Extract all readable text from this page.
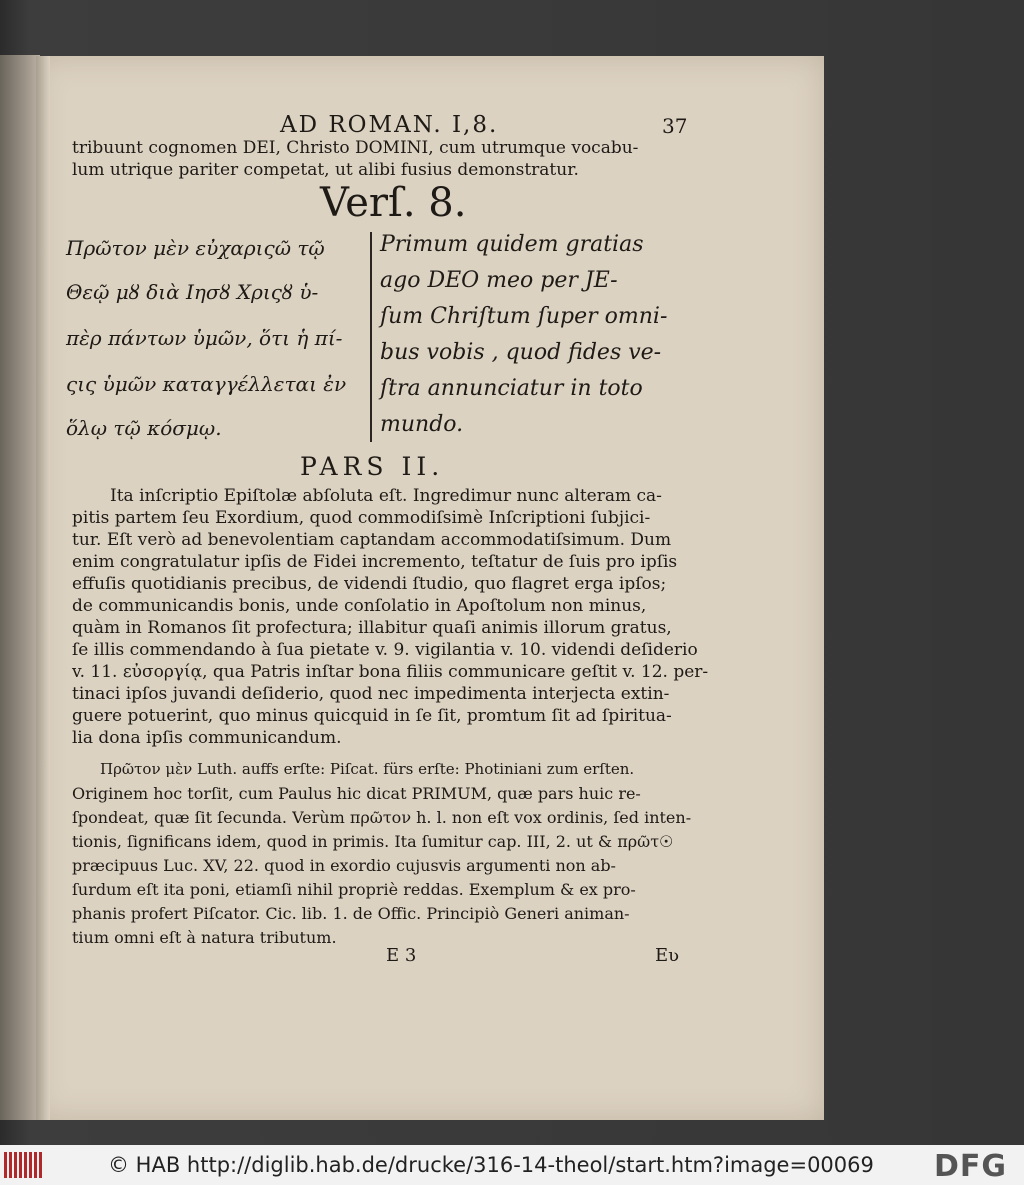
AD ROMAN. I,8.	37
tribuunt cognomen DEI, Christo DOMINI, cum utrumque vocabu-
lum utrique pariter competat, ut alibi fusius demonstratur.
Verſ. 8.
Πρῶτον μὲν εὐχαριςῶ τῷ
Θεῷ μȣ διὰ Ιησȣ Χριςȣ ὑ-
πὲρ πάντων ὑμῶν, ὅτι ἡ πί-
ςις ὑμῶν καταγγέλλεται ἐν
ὅλῳ τῷ κόσμῳ.
Primum quidem gratias
ago DEO meo per JE-
ſum Chriſtum ſuper omni-
bus vobis , quod fides ve-
ſtra annunciatur in toto
mundo.
PARS II.
Ita inſcriptio Epiſtolæ abſoluta eſt. Ingredimur nunc alteram ca-
pitis partem ſeu Exordium, quod commodiſsimè Inſcriptioni ſubjici-
tur. Eſt verò ad benevolentiam captandam accommodatiſsimum. Dum
enim congratulatur ipſis de Fidei incremento, teſtatur de ſuis pro ipſis
effuſis quotidianis precibus, de videndi ſtudio, quo flagret erga ipſos;
de communicandis bonis, unde conſolatio in Apoſtolum non minus,
quàm in Romanos ſit profectura; illabitur quaſi animis illorum gratus,
ſe illis commendando à ſua pietate v. 9. vigilantia v. 10. videndi deſiderio
v. 11. εὐσοργίᾳ, qua Patris inſtar bona filiis communicare geſtit v. 12. per-
tinaci ipſos juvandi deſiderio, quod nec impedimenta interjecta extin-
guere potuerint, quo minus quicquid in ſe ſit, promtum ſit ad ſpiritua-
lia dona ipſis communicandum.
Πρῶτον μὲν Luth. auffs erſte: Piſcat. fürs erſte: Photiniani zum erſten.
Originem hoc torſit, cum Paulus hic dicat PRIMUM, quæ pars huic re-
ſpondeat, quæ ſit ſecunda. Verùm πρῶτον h. l. non eſt vox ordinis, ſed inten-
tionis, ſignificans idem, quod in primis. Ita ſumitur cap. III, 2. ut & πρῶτ☉
præcipuus Luc. XV, 22. quod in exordio cujusvis argumenti non ab-
ſurdum eſt ita poni, etiamſi nihil propriè reddas. Exemplum & ex pro-
phanis profert Piſcator. Cic. lib. 1. de Offic. Principiò Generi animan-
tium omni eſt à natura tributum.
E 3	Eʋ
© HAB http://diglib.hab.de/drucke/316-14-theol/start.htm?image=00069 DFG
